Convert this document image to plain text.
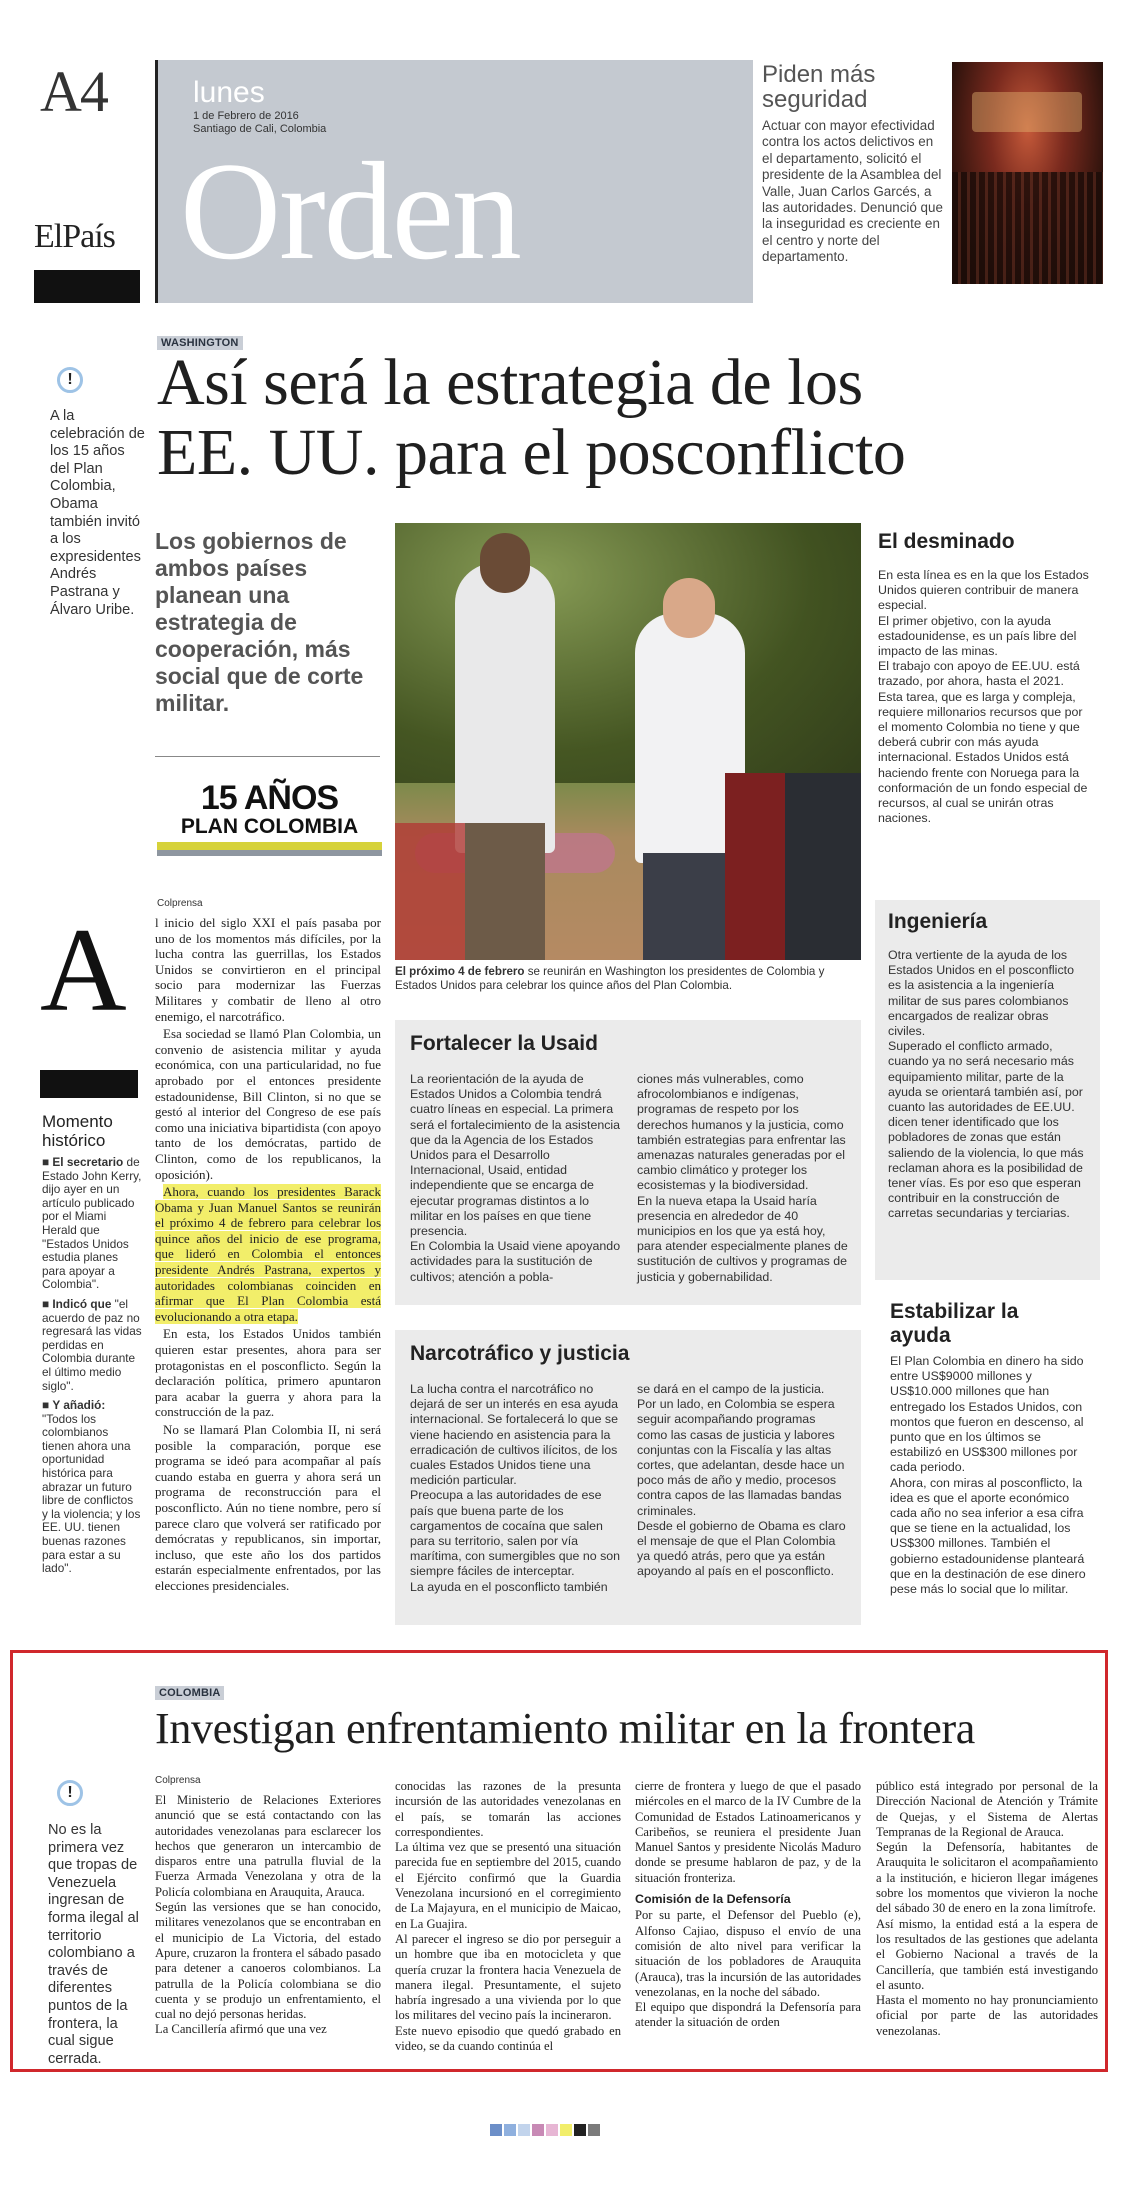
A4
ElPaís
lunes
1 de Febrero de 2016
Santiago de Cali, Colombia
Orden
Piden más seguridad
Actuar con mayor efectividad contra los actos delictivos en el departamento, solicitó el presidente de la Asamblea del Valle, Juan Carlos Garcés, a las autoridades. Denunció que la inseguridad es creciente en el centro y norte del departamento.
WASHINGTON
Así será la estrategia de los
EE. UU. para el posconflicto
!
A la celebración de los 15 años del Plan Colombia, Obama también invitó a los expresidentes Andrés Pastrana y Álvaro Uribe.
Los gobiernos de ambos países planean una estrategia de cooperación, más social que de corte militar.
15 AÑOS
PLAN COLOMBIA
Colprensa
A l inicio del siglo XXI el país pasaba por uno de los momentos más difíciles, por la lucha contra las guerrillas, los Estados Unidos se convirtieron en el principal socio para modernizar las Fuerzas Militares y combatir de lleno al otro enemigo, el narcotráfico.

Esa sociedad se llamó Plan Colombia, un convenio de asistencia militar y ayuda económica, con una particularidad, no fue aprobado por el entonces presidente estadounidense, Bill Clinton, si no que se gestó al interior del Congreso de ese país como una iniciativa bipartidista (con apoyo tanto de los demócratas, partido de Clinton, como de los republicanos, la oposición).

Ahora, cuando los presidentes Barack Obama y Juan Manuel Santos se reunirán el próximo 4 de febrero para celebrar los quince años del inicio de ese programa, que lideró en Colombia el entonces presidente Andrés Pastrana, expertos y autoridades colombianas coinciden en afirmar que El Plan Colombia está evolucionando a otra etapa.

En esta, los Estados Unidos también quieren estar presentes, ahora para ser protagonistas en el posconflicto. Según la declaración política, primero apuntaron para acabar la guerra y ahora para la construcción de la paz.

No se llamará Plan Colombia II, ni será posible la comparación, porque ese programa se ideó para acompañar al país cuando estaba en guerra y ahora será un programa de reconstrucción para el posconflicto. Aún no tiene nombre, pero sí parece claro que volverá ser ratificado por demócratas y republicanos, sin importar, incluso, que este año los dos partidos estarán especialmente enfrentados, por las elecciones presidenciales.

Momento histórico

■ El secretario de Estado John Kerry, dijo ayer en un artículo publicado por el Miami Herald que "Estados Unidos estudia planes para apoyar a Colombia".

■ Indicó que "el acuerdo de paz no regresará las vidas perdidas en Colombia durante el último medio siglo".

■ Y añadió: "Todos los colombianos tienen ahora una oportunidad histórica para abrazar un futuro libre de conflictos y la violencia; y los EE. UU. tienen buenas razones para estar a su lado".

El próximo 4 de febrero se reunirán en Washington los presidentes de Colombia y Estados Unidos para celebrar los quince años del Plan Colombia.
Fortalecer la Usaid
La reorientación de la ayuda de Estados Unidos a Colombia tendrá cuatro líneas en especial. La primera será el fortalecimiento de la asistencia que da la Agencia de los Estados Unidos para el Desarrollo Internacional, Usaid, entidad independiente que se encarga de ejecutar programas distintos a lo militar en los países en que tiene presencia.
En Colombia la Usaid viene apoyando actividades para la sustitución de cultivos; atención a pobla-
ciones más vulnerables, como afrocolombianos e indígenas, programas de respeto por los derechos humanos y la justicia, como también estrategias para enfrentar las amenazas naturales generadas por el cambio climático y proteger los ecosistemas y la biodiversidad.
En la nueva etapa la Usaid haría presencia en alrededor de 40 municipios en los que ya está hoy, para atender especialmente planes de sustitución de cultivos y programas de justicia y gobernabilidad.
Narcotráfico y justicia
La lucha contra el narcotráfico no dejará de ser un interés en esa ayuda internacional. Se fortalecerá lo que se viene haciendo en asistencia para la erradicación de cultivos ilícitos, de los cuales Estados Unidos tiene una medición particular.
Preocupa a las autoridades de ese país que buena parte de los cargamentos de cocaína que salen para su territorio, salen por vía marítima, con sumergibles que no son siempre fáciles de interceptar.
La ayuda en el posconflicto también
se dará en el campo de la justicia.
Por un lado, en Colombia se espera seguir acompañando programas como las casas de justicia y labores conjuntas con la Fiscalía y las altas cortes, que adelantan, desde hace un poco más de año y medio, procesos contra capos de las llamadas bandas criminales.
Desde el gobierno de Obama es claro el mensaje de que el Plan Colombia ya quedó atrás, pero que ya están apoyando al país en el posconflicto.
El desminado
En esta línea es en la que los Estados Unidos quieren contribuir de manera especial.
El primer objetivo, con la ayuda estadounidense, es un país libre del impacto de las minas.
El trabajo con apoyo de EE.UU. está trazado, por ahora, hasta el 2021. Esta tarea, que es larga y compleja, requiere millonarios recursos que por el momento Colombia no tiene y que deberá cubrir con más ayuda internacional. Estados Unidos está haciendo frente con Noruega para la conformación de un fondo especial de recursos, al cual se unirán otras naciones.
Ingeniería
Otra vertiente de la ayuda de los Estados Unidos en el posconflicto es la asistencia a la ingeniería militar de sus pares colombianos encargados de realizar obras civiles.
Superado el conflicto armado, cuando ya no será necesario más equipamiento militar, parte de la ayuda se orientará también así, por cuanto las autoridades de EE.UU. dicen tener identificado que los pobladores de zonas que están saliendo de la violencia, lo que más reclaman ahora es la posibilidad de tener vías. Es por eso que esperan contribuir en la construcción de carretas secundarias y terciarias.
Estabilizar la ayuda
El Plan Colombia en dinero ha sido entre US$9000 millones y US$10.000 millones que han entregado los Estados Unidos, con montos que fueron en descenso, al punto que en los últimos se estabilizó en US$300 millones por cada periodo.
Ahora, con miras al posconflicto, la idea es que el aporte económico cada año no sea inferior a esa cifra que se tiene en la actualidad, los US$300 millones. También el gobierno estadounidense planteará que en la destinación de ese dinero pese más lo social que lo militar.
COLOMBIA
Investigan enfrentamiento militar en la frontera
!
No es la primera vez que tropas de Venezuela ingresan de forma ilegal al territorio colombiano a través de diferentes puntos de la frontera, la cual sigue cerrada.
Colprensa
El Ministerio de Relaciones Exteriores anunció que se está contactando con las autoridades venezolanas para esclarecer los hechos que generaron un intercambio de disparos entre una patrulla fluvial de la Fuerza Armada Venezolana y otra de la Policía colombiana en Arauquita, Arauca.
Según las versiones que se han conocido, militares venezolanos que se encontraban en el municipio de La Victoria, del estado Apure, cruzaron la frontera el sábado pasado para detener a canoeros colombianos. La patrulla de la Policía colombiana se dio cuenta y se produjo un enfrentamiento, el cual no dejó personas heridas.
La Cancillería afirmó que una vez
conocidas las razones de la presunta incursión de las autoridades venezolanas en el país, se tomarán las acciones correspondientes.
La última vez que se presentó una situación parecida fue en septiembre del 2015, cuando el Ejército confirmó que la Guardia Venezolana incursionó en el corregimiento de La Majayura, en el municipio de Maicao, en La Guajira.
Al parecer el ingreso se dio por perseguir a un hombre que iba en motocicleta y que quería cruzar la frontera hacia Venezuela de manera ilegal. Presuntamente, el sujeto habría ingresado a una vivienda por lo que los militares del vecino país la incineraron.
Este nuevo episodio que quedó grabado en video, se da cuando continúa el
cierre de frontera y luego de que el pasado miércoles en el marco de la IV Cumbre de la Comunidad de Estados Latinoamericanos y Caribeños, se reuniera el presidente Juan Manuel Santos y presidente Nicolás Maduro donde se presume hablaron de paz, y de la situación fronteriza.
Comisión de la Defensoría
Por su parte, el Defensor del Pueblo (e), Alfonso Cajiao, dispuso el envío de una comisión de alto nivel para verificar la situación de los pobladores de Arauquita (Arauca), tras la incursión de las autoridades venezolanas, en la noche del sábado.
El equipo que dispondrá la Defensoría para atender la situación de orden
público está integrado por personal de la Dirección Nacional de Atención y Trámite de Quejas, y el Sistema de Alertas Tempranas de la Regional de Arauca.
Según la Defensoría, habitantes de Arauquita le solicitaron el acompañamiento a la institución, e hicieron llegar imágenes sobre los momentos que vivieron la noche del sábado 30 de enero en la zona limítrofe.
Así mismo, la entidad está a la espera de los resultados de las gestiones que adelanta el Gobierno Nacional a través de la Cancillería, que también está investigando el asunto.
Hasta el momento no hay pronunciamiento oficial por parte de las autoridades venezolanas.
